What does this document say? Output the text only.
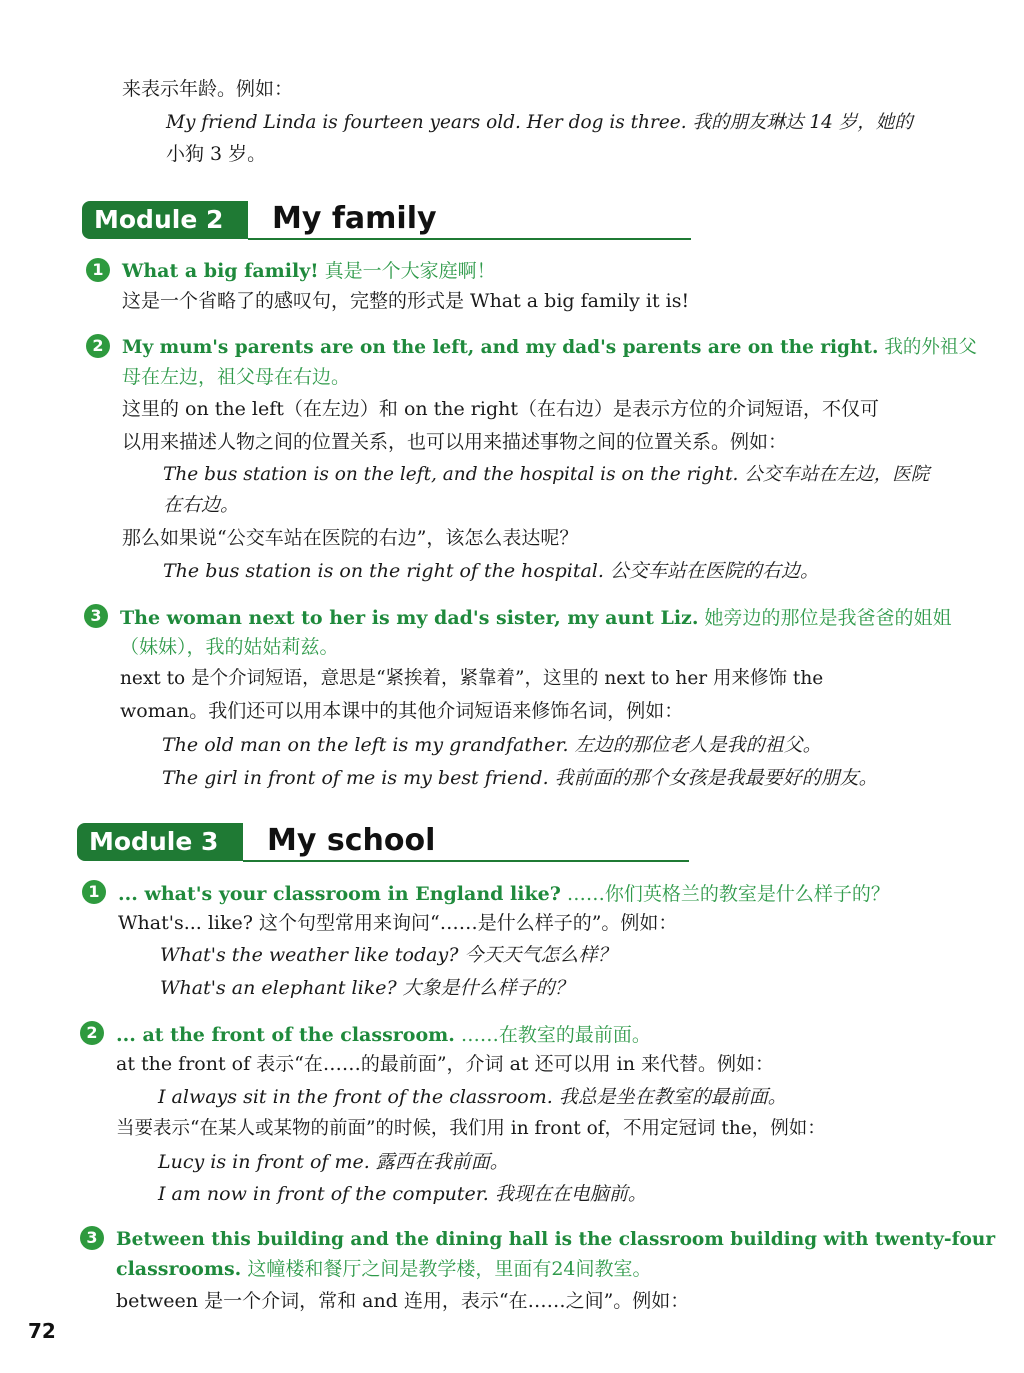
来表示年龄。例如：
My friend Linda is fourteen years old. Her dog is three. 我的朋友琳达 14 岁，她的
小狗 3 岁。
Module 2	My family
1 What a big family! 真是一个大家庭啊！
这是一个省略了的感叹句，完整的形式是 What a big family it is!
2 My mum's parents are on the left, and my dad's parents are on the right. 我的外祖父
母在左边，祖父母在右边。
这里的 on the left（在左边）和 on the right（在右边）是表示方位的介词短语，不仅可
以用来描述人物之间的位置关系，也可以用来描述事物之间的位置关系。例如：
The bus station is on the left, and the hospital is on the right. 公交车站在左边，医院
在右边。
那么如果说“公交车站在医院的右边”，该怎么表达呢？
The bus station is on the right of the hospital. 公交车站在医院的右边。
3 The woman next to her is my dad's sister, my aunt Liz. 她旁边的那位是我爸爸的姐姐
（妹妹），我的姑姑莉兹。
next to 是个介词短语，意思是“紧挨着，紧靠着”，这里的 next to her 用来修饰 the
woman。我们还可以用本课中的其他介词短语来修饰名词，例如：
The old man on the left is my grandfather. 左边的那位老人是我的祖父。
The girl in front of me is my best friend. 我前面的那个女孩是我最要好的朋友。
Module 3	My school
1 ... what's your classroom in England like? ……你们英格兰的教室是什么样子的？
What's... like? 这个句型常用来询问“……是什么样子的”。例如：
What's the weather like today? 今天天气怎么样？
What's an elephant like? 大象是什么样子的？
2 ... at the front of the classroom. ……在教室的最前面。
at the front of 表示“在……的最前面”，介词 at 还可以用 in 来代替。例如：
I always sit in the front of the classroom. 我总是坐在教室的最前面。
当要表示“在某人或某物的前面”的时候，我们用 in front of，不用定冠词 the，例如：
Lucy is in front of me. 露西在我前面。
I am now in front of the computer. 我现在在电脑前。
3 Between this building and the dining hall is the classroom building with twenty-four
classrooms. 这幢楼和餐厅之间是教学楼，里面有24间教室。
between 是一个介词，常和 and 连用，表示“在……之间”。例如：
72
